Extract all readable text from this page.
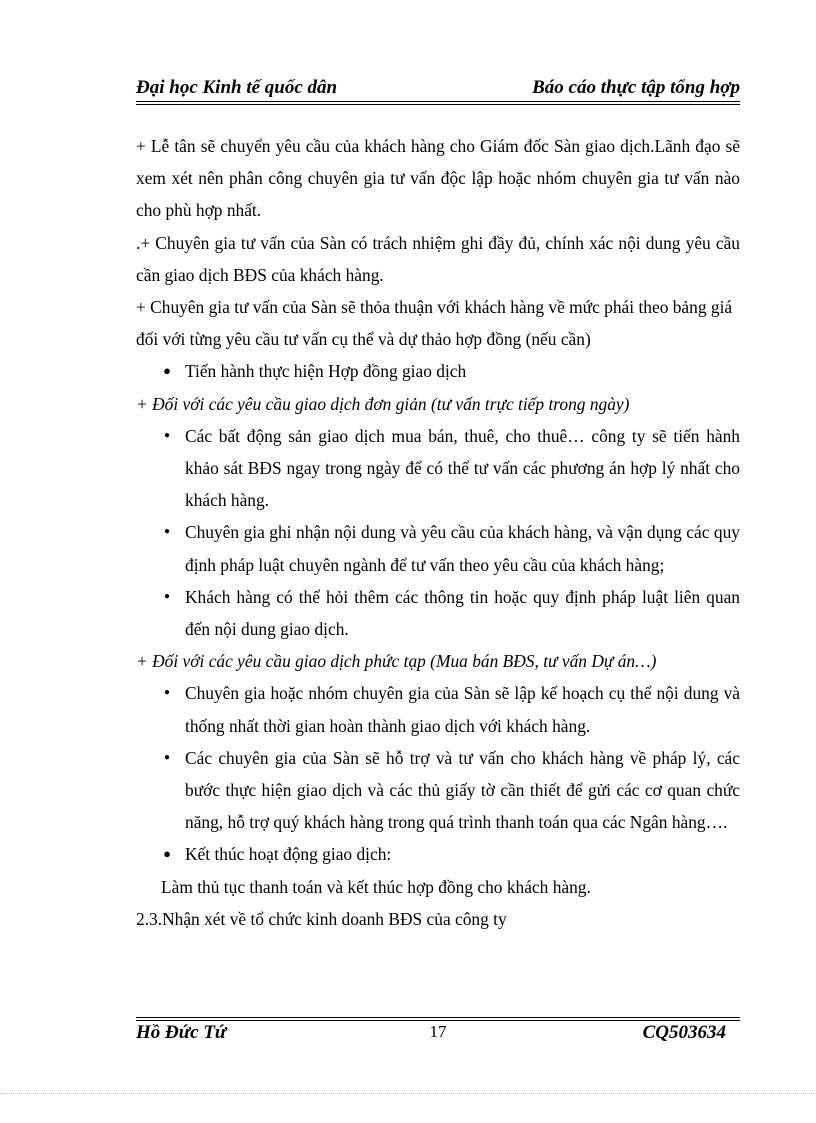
Đại học Kinh tế quốc dân	Báo cáo thực tập tổng hợp

+ Lễ tân sẽ chuyển yêu cầu của khách hàng cho Giám đốc Sàn giao dịch.Lãnh đạo sẽ xem xét nên phân công chuyên gia tư vấn độc lập hoặc nhóm chuyên gia tư vấn nào cho phù hợp nhất.

.+ Chuyên gia tư vấn của Sàn có trách nhiệm ghi đầy đủ, chính xác nội dung yêu cầu cần giao dịch BĐS của khách hàng.

+ Chuyên gia tư vấn của Sàn sẽ thỏa thuận với khách hàng về mức phái theo bảng giá đối với từng yêu cầu tư vấn cụ thể và dự thảo hợp đồng (nếu cần)

● Tiến hành thực hiện Hợp đồng giao dịch

+ Đối với các yêu cầu giao dịch đơn giản (tư vấn trực tiếp trong ngày)

● Các bất động sản giao dịch mua bán, thuê, cho thuê… công ty sẽ tiến hành khảo sát BĐS ngay trong ngày để có thể tư vấn các phương án hợp lý nhất cho khách hàng.
● Chuyên gia ghi nhận nội dung và yêu cầu của khách hàng, và vận dụng các quy định pháp luật chuyên ngành để tư vấn theo yêu cầu của khách hàng;
● Khách hàng có thể hỏi thêm các thông tin hoặc quy định pháp luật liên quan đến nội dung giao dịch.

+ Đối với các yêu cầu giao dịch phức tạp (Mua bán BĐS, tư vấn Dự án…)

● Chuyên gia hoặc nhóm chuyên gia của Sàn sẽ lập kế hoạch cụ thể nội dung và thống nhất thời gian hoàn thành giao dịch với khách hàng.
● Các chuyên gia của Sàn sẽ hỗ trợ và tư vấn cho khách hàng về pháp lý, các bước thực hiện giao dịch và các thủ giấy tờ cần thiết để gửi các cơ quan chức năng, hỗ trợ quý khách hàng trong quá trình thanh toán qua các Ngân hàng….
● Kết thúc hoạt động giao dịch:

Làm thủ tục thanh toán và kết thúc hợp đồng cho khách hàng.

2.3.Nhận xét về tổ chức kinh doanh BĐS của công ty

Hồ Đức Tứ	17	CQ503634
